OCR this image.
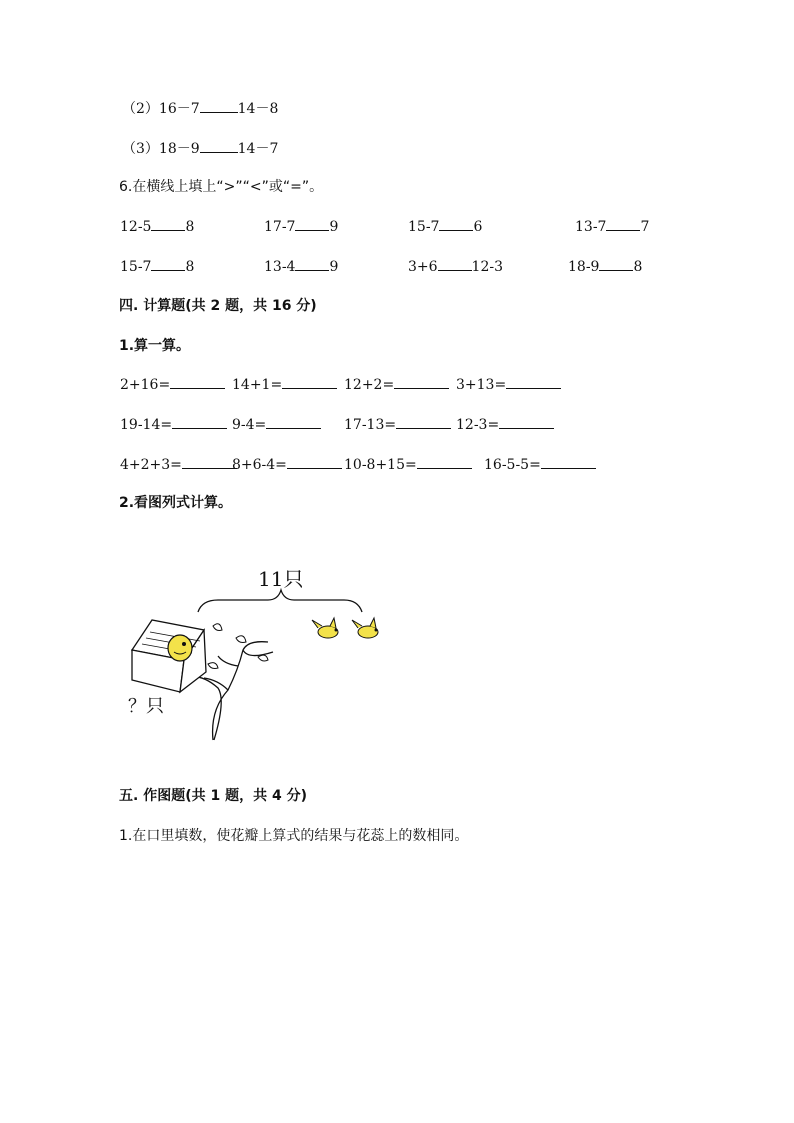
（2）16－7	14－8
（3）18－9	14－7
6.在横线上填上“>”“<”或“=”。
12-5 8	17-7 9	15-7 6	13-7 7
15-7 8	13-4 9	3+6 12-3	18-9 8
四. 计算题(共 2 题，共 16 分)
1.算一算。
2+16=	14+1=	12+2=	3+13=
19-14=	9-4=	17-13=	12-3=
4+2+3=	8+6-4=	10-8+15=	16-5-5=
2.看图列式计算。
11只
？只
五. 作图题(共 1 题，共 4 分)
1.在口里填数，使花瓣上算式的结果与花蕊上的数相同。
